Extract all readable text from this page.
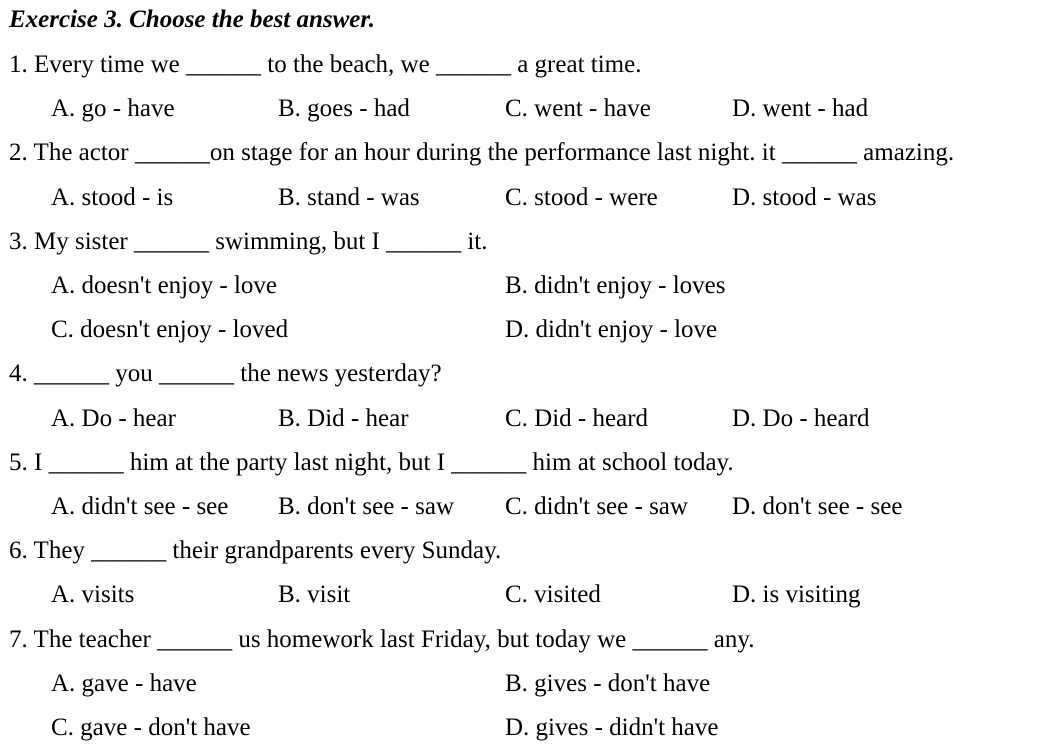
Exercise 3. Choose the best answer.
1. Every time we ______ to the beach, we ______ a great time.
A. go - have	B. goes - had	C. went - have	D. went - had
2. The actor ______on stage for an hour during the performance last night. it ______ amazing.
A. stood - is	B. stand - was	C. stood - were	D. stood - was
3. My sister ______ swimming, but I ______ it.
A. doesn't enjoy - love	B. didn't enjoy - loves
C. doesn't enjoy - loved	D. didn't enjoy - love
4. ______ you ______ the news yesterday?
A. Do - hear	B. Did - hear	C. Did - heard	D. Do - heard
5. I ______ him at the party last night, but I ______ him at school today.
A. didn't see - see B. don't see - saw C. didn't see - saw D. don't see - see
6. They ______ their grandparents every Sunday.
A. visits	B. visit	C. visited	D. is visiting
7. The teacher ______ us homework last Friday, but today we ______ any.
A. gave - have	B. gives - don't have
C. gave - don't have	D. gives - didn't have
